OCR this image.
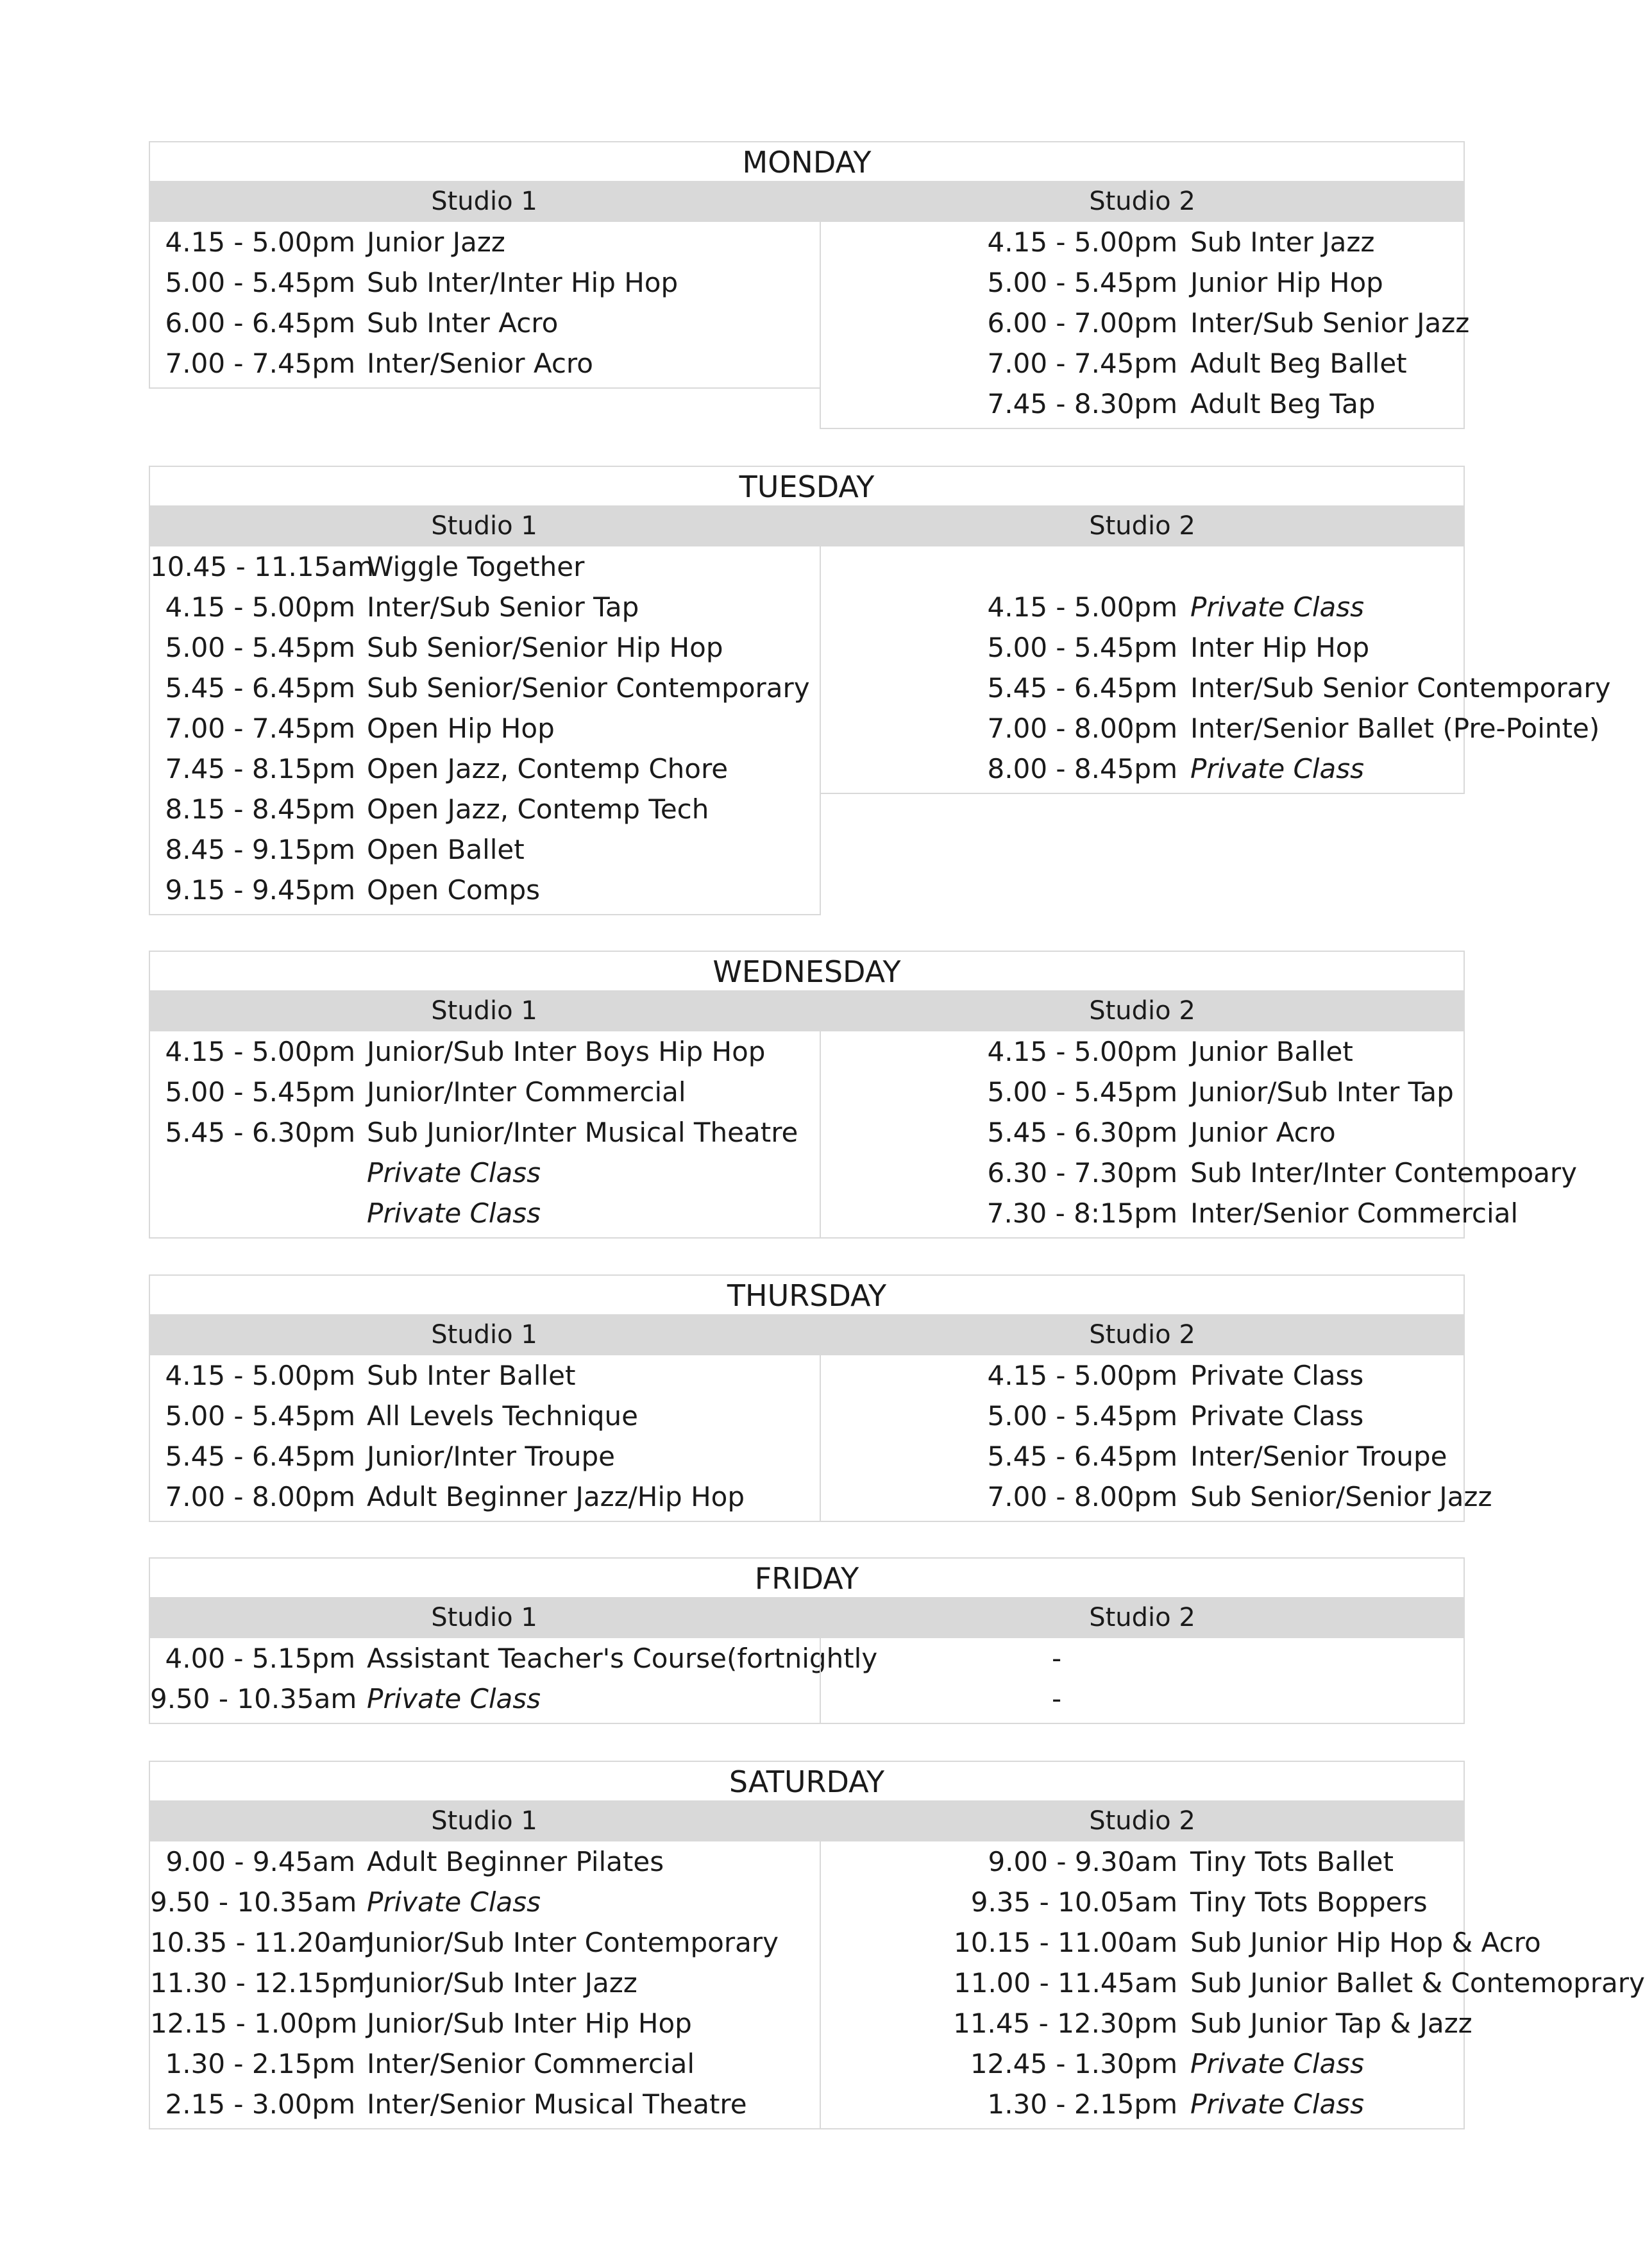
MONDAY
Studio 1	Studio 2
4.15 - 5.00pm Junior Jazz
5.00 - 5.45pm Sub Inter/Inter Hip Hop
6.00 - 6.45pm Sub Inter Acro
7.00 - 7.45pm Inter/Senior Acro
4.15 - 5.00pm Sub Inter Jazz
5.00 - 5.45pm Junior Hip Hop
6.00 - 7.00pm Inter/Sub Senior Jazz
7.00 - 7.45pm Adult Beg Ballet
7.45 - 8.30pm Adult Beg Tap
TUESDAY
Studio 1	Studio 2
10.45 - 11.15am
Wiggle Together
4.15 - 5.00pm Inter/Sub Senior Tap
5.00 - 5.45pm Sub Senior/Senior Hip Hop
5.45 - 6.45pm Sub Senior/Senior Contemporary
7.00 - 7.45pm Open Hip Hop
7.45 - 8.15pm Open Jazz, Contemp Chore
8.15 - 8.45pm Open Jazz, Contemp Tech
8.45 - 9.15pm Open Ballet
9.15 - 9.45pm Open Comps
4.15 - 5.00pm Private Class
5.00 - 5.45pm Inter Hip Hop
5.45 - 6.45pm Inter/Sub Senior Contemporary
7.00 - 8.00pm Inter/Senior Ballet (Pre-Pointe)
8.00 - 8.45pm Private Class
WEDNESDAY
Studio 1	Studio 2
4.15 - 5.00pm Junior/Sub Inter Boys Hip Hop
5.00 - 5.45pm Junior/Inter Commercial
5.45 - 6.30pm Sub Junior/Inter Musical Theatre
Private Class
Private Class
4.15 - 5.00pm Junior Ballet
5.00 - 5.45pm Junior/Sub Inter Tap
5.45 - 6.30pm Junior Acro
6.30 - 7.30pm Sub Inter/Inter Contempoary
7.30 - 8:15pm Inter/Senior Commercial
THURSDAY
Studio 1	Studio 2
4.15 - 5.00pm Sub Inter Ballet
5.00 - 5.45pm All Levels Technique
5.45 - 6.45pm Junior/Inter Troupe
7.00 - 8.00pm Adult Beginner Jazz/Hip Hop
4.15 - 5.00pm Private Class
5.00 - 5.45pm Private Class
5.45 - 6.45pm Inter/Senior Troupe
7.00 - 8.00pm Sub Senior/Senior Jazz
FRIDAY
Studio 1	Studio 2
4.00 - 5.15pm Assistant Teacher's Course(fortnightly
9.50 - 10.35am Private Class
-
-
SATURDAY
Studio 1	Studio 2
9.00 - 9.45am Adult Beginner Pilates
9.50 - 10.35am Private Class
10.35 - 11.20am
Junior/Sub Inter Contemporary
11.30 - 12.15pm
Junior/Sub Inter Jazz
12.15 - 1.00pm Junior/Sub Inter Hip Hop
1.30 - 2.15pm Inter/Senior Commercial
2.15 - 3.00pm Inter/Senior Musical Theatre
9.00 - 9.30am Tiny Tots Ballet
9.35 - 10.05am Tiny Tots Boppers
10.15 - 11.00am Sub Junior Hip Hop & Acro
11.00 - 11.45am Sub Junior Ballet & Contemoprary
11.45 - 12.30pm Sub Junior Tap & Jazz
12.45 - 1.30pm Private Class
1.30 - 2.15pm Private Class
